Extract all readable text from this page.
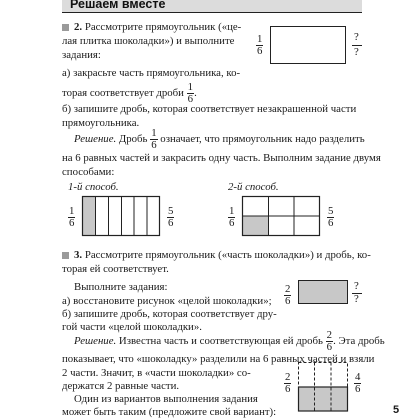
Решаем вместе
2. Рассмотрите прямоугольник («це-
лая плитка шоколадки») и выполните
задания:
а) закрасьте часть прямоугольника, ко-
торая соответствует дроби $\frac{1}{6}$ .
б) запишите дробь, которая соответствует незакрашенной части
прямоугольника.
$\frac{1}{6}$	?
?
Решение. Дробь $\frac{1}{6}$ означает, что прямоугольник надо разделить
на 6 равных частей и закрасить одну часть. Выполним задание двумя
способами:
1-й способ.	2-й способ.
$\frac{1}{6}$	$\frac{5}{6}$	$\frac{1}{6}$	$\frac{5}{6}$
3. Рассмотрите прямоугольник («часть шоколадки») и дробь, ко-
торая ей соответствует.
Выполните задания:
а) восстановите рисунок «целой шоколадки»;
б) запишите дробь, которая соответствует дру-
гой части «целой шоколадки».
$\frac{2}{6}$	?
?
Решение. Известна часть и соответствующая ей дробь $\frac{2}{6}$ . Эта дробь
показывает, что «шоколадку» разделили на 6 равных частей и взяли
2 части. Значит, в «части шоколадки» со-
держатся 2 равные части.
Один из вариантов выполнения задания
может быть таким (предложите свой вариант):
$\frac{2}{6}$	$\frac{4}{6}$
5
